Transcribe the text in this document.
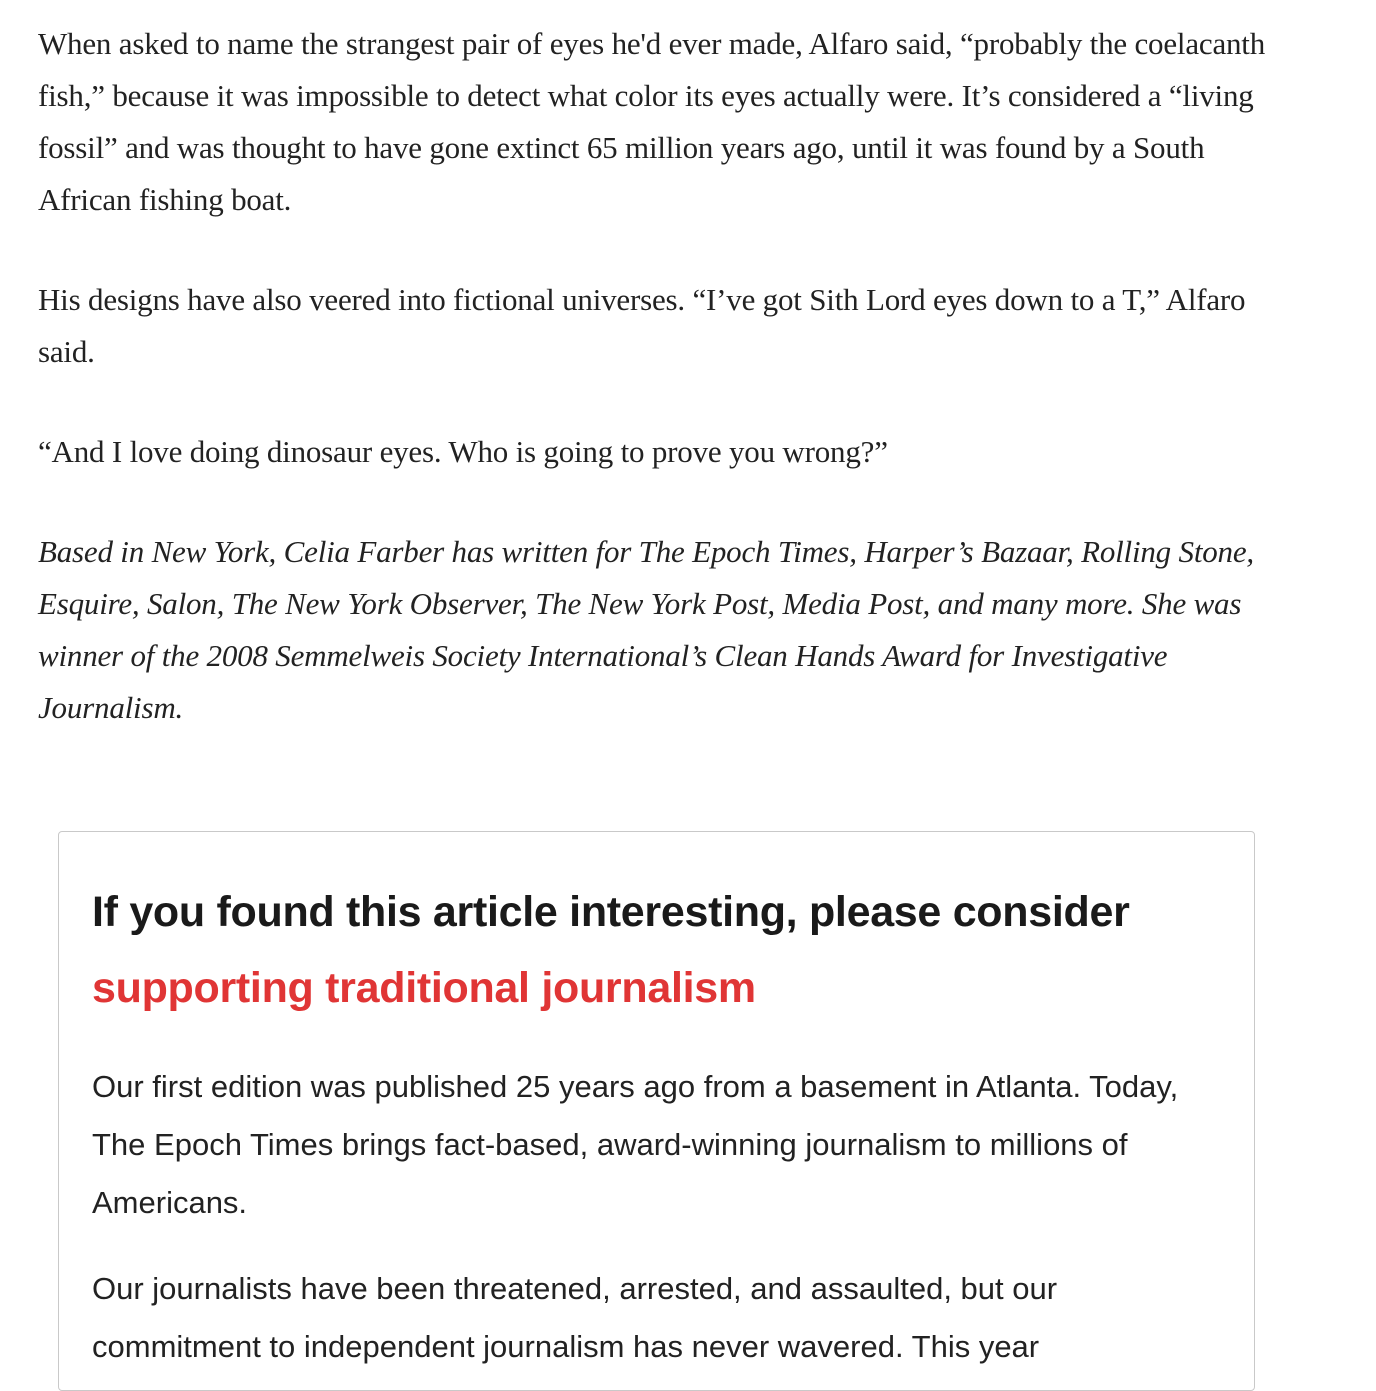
When asked to name the strangest pair of eyes he'd ever made, Alfaro said, “probably the coelacanth fish,” because it was impossible to detect what color its eyes actually were. It’s considered a “living fossil” and was thought to have gone extinct 65 million years ago, until it was found by a South African fishing boat.

His designs have also veered into fictional universes. “I’ve got Sith Lord eyes down to a T,” Alfaro said.

“And I love doing dinosaur eyes. Who is going to prove you wrong?”

Based in New York, Celia Farber has written for The Epoch Times, Harper’s Bazaar, Rolling Stone, Esquire, Salon, The New York Observer, The New York Post, Media Post, and many more. She was winner of the 2008 Semmelweis Society International’s Clean Hands Award for Investigative Journalism.

If you found this article interesting, please consider
supporting traditional journalism

Our first edition was published 25 years ago from a basement in Atlanta. Today, The Epoch Times brings fact-based, award-winning journalism to millions of Americans.

Our journalists have been threatened, arrested, and assaulted, but our commitment to independent journalism has never wavered. This year
